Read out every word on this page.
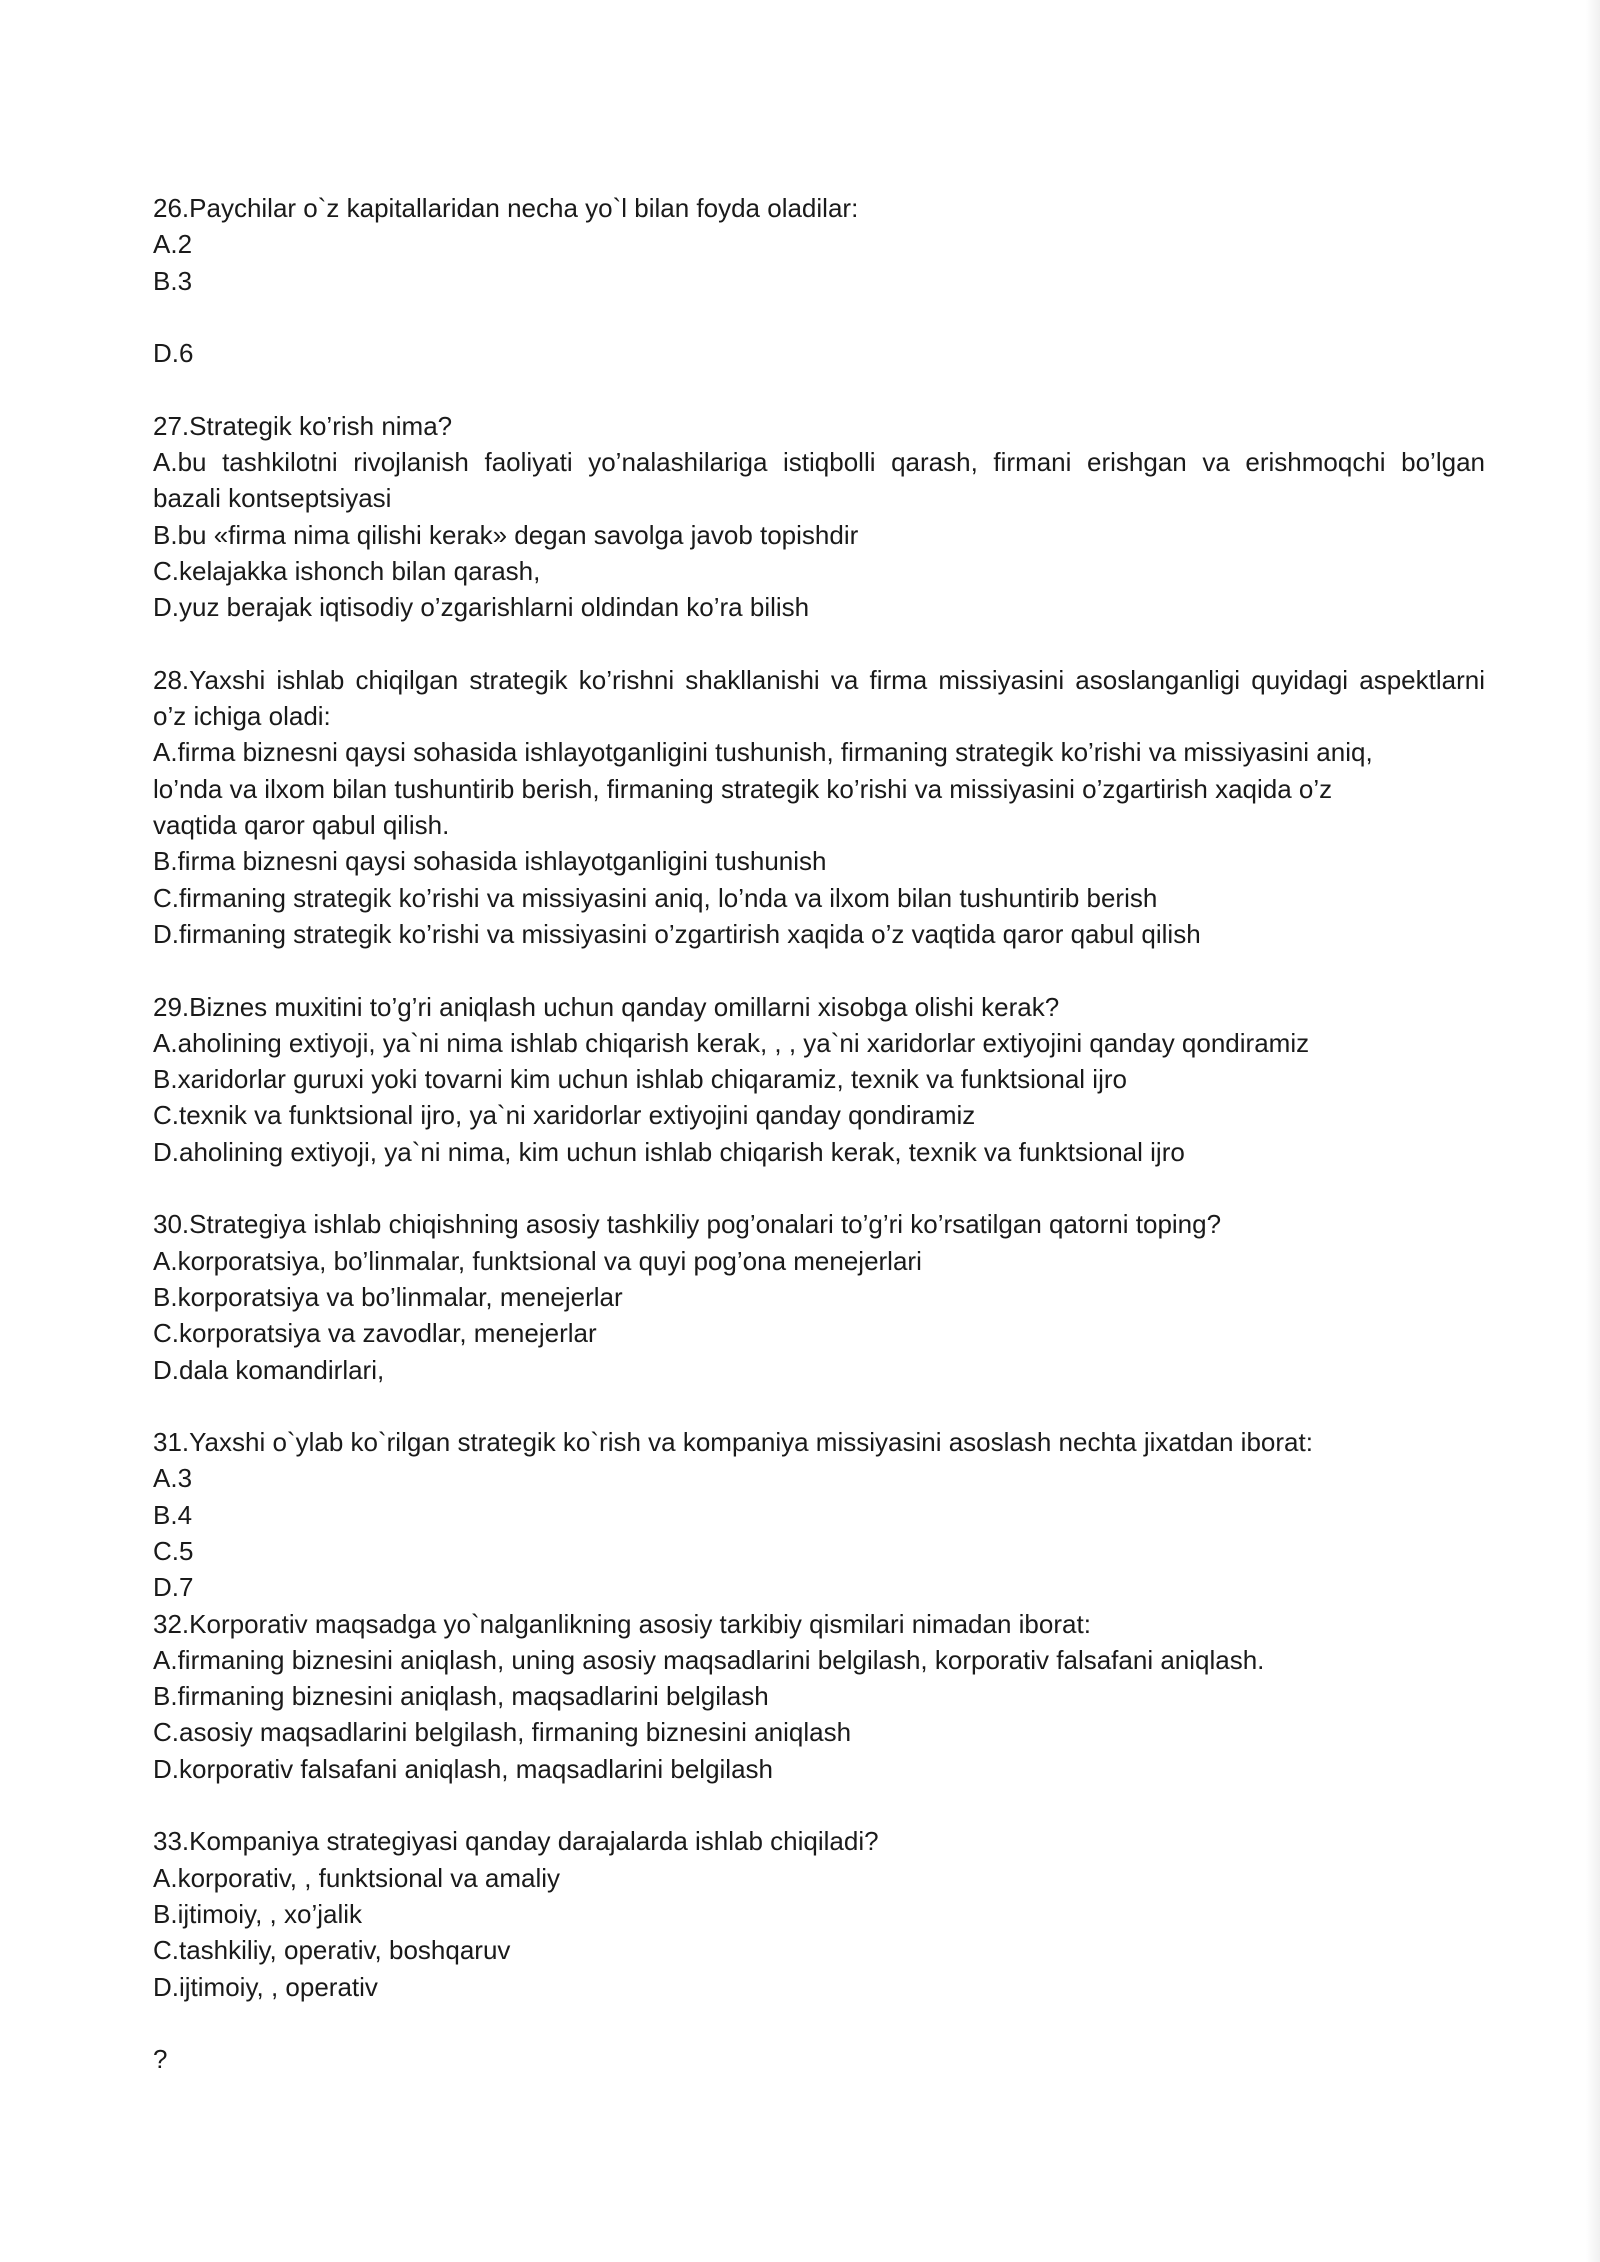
26.Paychilar o`z kapitallaridan necha yo`l bilan foyda oladilar:

A.2

B.3

D.6

27.Strategik ko’rish nima?

A.bu tashkilotni rivojlanish faoliyati yo’nalashilariga istiqbolli qarash, firmani erishgan va erishmoqchi bo’lgan

bazali kontseptsiyasi

B.bu «firma nima qilishi kerak» degan savolga javob topishdir

C.kelajakka ishonch bilan qarash,

D.yuz berajak iqtisodiy o’zgarishlarni oldindan ko’ra bilish

28.Yaxshi ishlab chiqilgan strategik ko’rishni shakllanishi va firma missiyasini asoslanganligi quyidagi aspektlarni

o’z ichiga oladi:

A.firma biznesni qaysi sohasida ishlayotganligini tushunish, firmaning strategik ko’rishi va missiyasini aniq,

lo’nda va ilxom bilan tushuntirib berish, firmaning strategik ko’rishi va missiyasini o’zgartirish xaqida o’z

vaqtida qaror qabul qilish.

B.firma biznesni qaysi sohasida ishlayotganligini tushunish

C.firmaning strategik ko’rishi va missiyasini aniq, lo’nda va ilxom bilan tushuntirib berish

D.firmaning strategik ko’rishi va missiyasini o’zgartirish xaqida o’z vaqtida qaror qabul qilish

29.Biznes muxitini to’g’ri aniqlash uchun qanday omillarni xisobga olishi kerak?

A.aholining extiyoji, ya`ni nima ishlab chiqarish kerak, , , ya`ni xaridorlar extiyojini qanday qondiramiz

B.xaridorlar guruxi yoki tovarni kim uchun ishlab chiqaramiz, texnik va funktsional ijro

C.texnik va funktsional ijro, ya`ni xaridorlar extiyojini qanday qondiramiz

D.aholining extiyoji, ya`ni nima, kim uchun ishlab chiqarish kerak, texnik va funktsional ijro

30.Strategiya ishlab chiqishning asosiy tashkiliy pog’onalari to’g’ri ko’rsatilgan qatorni toping?

A.korporatsiya, bo’linmalar, funktsional va quyi pog’ona menejerlari

B.korporatsiya va bo’linmalar, menejerlar

C.korporatsiya va zavodlar, menejerlar

D.dala komandirlari,

31.Yaxshi o`ylab ko`rilgan strategik ko`rish va kompaniya missiyasini asoslash nechta jixatdan iborat:

A.3

B.4

C.5

D.7

32.Korporativ maqsadga yo`nalganlikning asosiy tarkibiy qismilari nimadan iborat:

A.firmaning biznesini aniqlash, uning asosiy maqsadlarini belgilash, korporativ falsafani aniqlash.

B.firmaning biznesini aniqlash, maqsadlarini belgilash

C.asosiy maqsadlarini belgilash, firmaning biznesini aniqlash

D.korporativ falsafani aniqlash, maqsadlarini belgilash

33.Kompaniya strategiyasi qanday darajalarda ishlab chiqiladi?

A.korporativ, , funktsional va amaliy

B.ijtimoiy, , xo’jalik

C.tashkiliy, operativ, boshqaruv

D.ijtimoiy, , operativ

?
